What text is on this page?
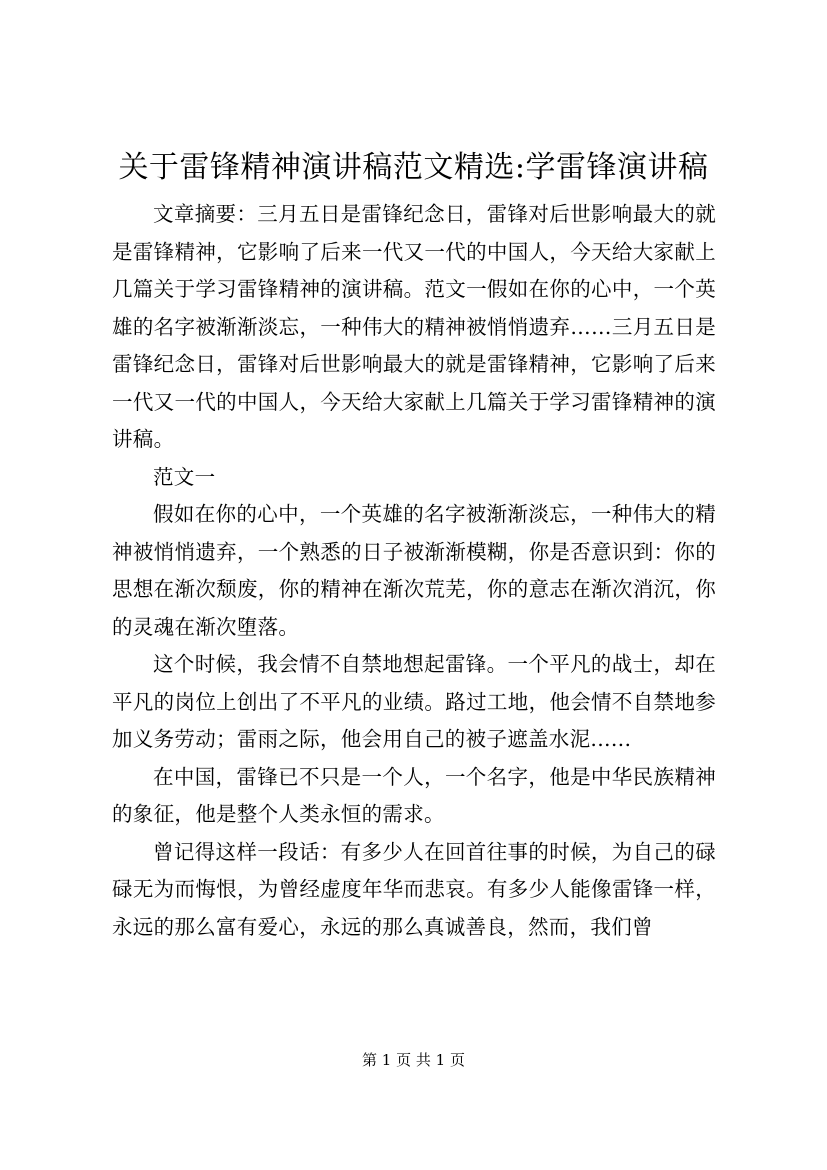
关于雷锋精神演讲稿范文精选:学雷锋演讲稿

文章摘要：三月五日是雷锋纪念日，雷锋对后世影响最大的就是雷锋精神，它影响了后来一代又一代的中国人，今天给大家献上几篇关于学习雷锋精神的演讲稿。范文一假如在你的心中，一个英雄的名字被渐渐淡忘，一种伟大的精神被悄悄遗弃……三月五日是雷锋纪念日，雷锋对后世影响最大的就是雷锋精神，它影响了后来一代又一代的中国人，今天给大家献上几篇关于学习雷锋精神的演讲稿。

范文一

假如在你的心中，一个英雄的名字被渐渐淡忘，一种伟大的精神被悄悄遗弃，一个熟悉的日子被渐渐模糊，你是否意识到：你的思想在渐次颓废，你的精神在渐次荒芜，你的意志在渐次消沉，你的灵魂在渐次堕落。

这个时候，我会情不自禁地想起雷锋。一个平凡的战士，却在平凡的岗位上创出了不平凡的业绩。路过工地，他会情不自禁地参加义务劳动；雷雨之际，他会用自己的被子遮盖水泥......

在中国，雷锋已不只是一个人，一个名字，他是中华民族精神的象征，他是整个人类永恒的需求。

曾记得这样一段话：有多少人在回首往事的时候，为自己的碌碌无为而悔恨，为曾经虚度年华而悲哀。有多少人能像雷锋一样，永远的那么富有爱心，永远的那么真诚善良，然而，我们曾

第 1 页 共 1 页
